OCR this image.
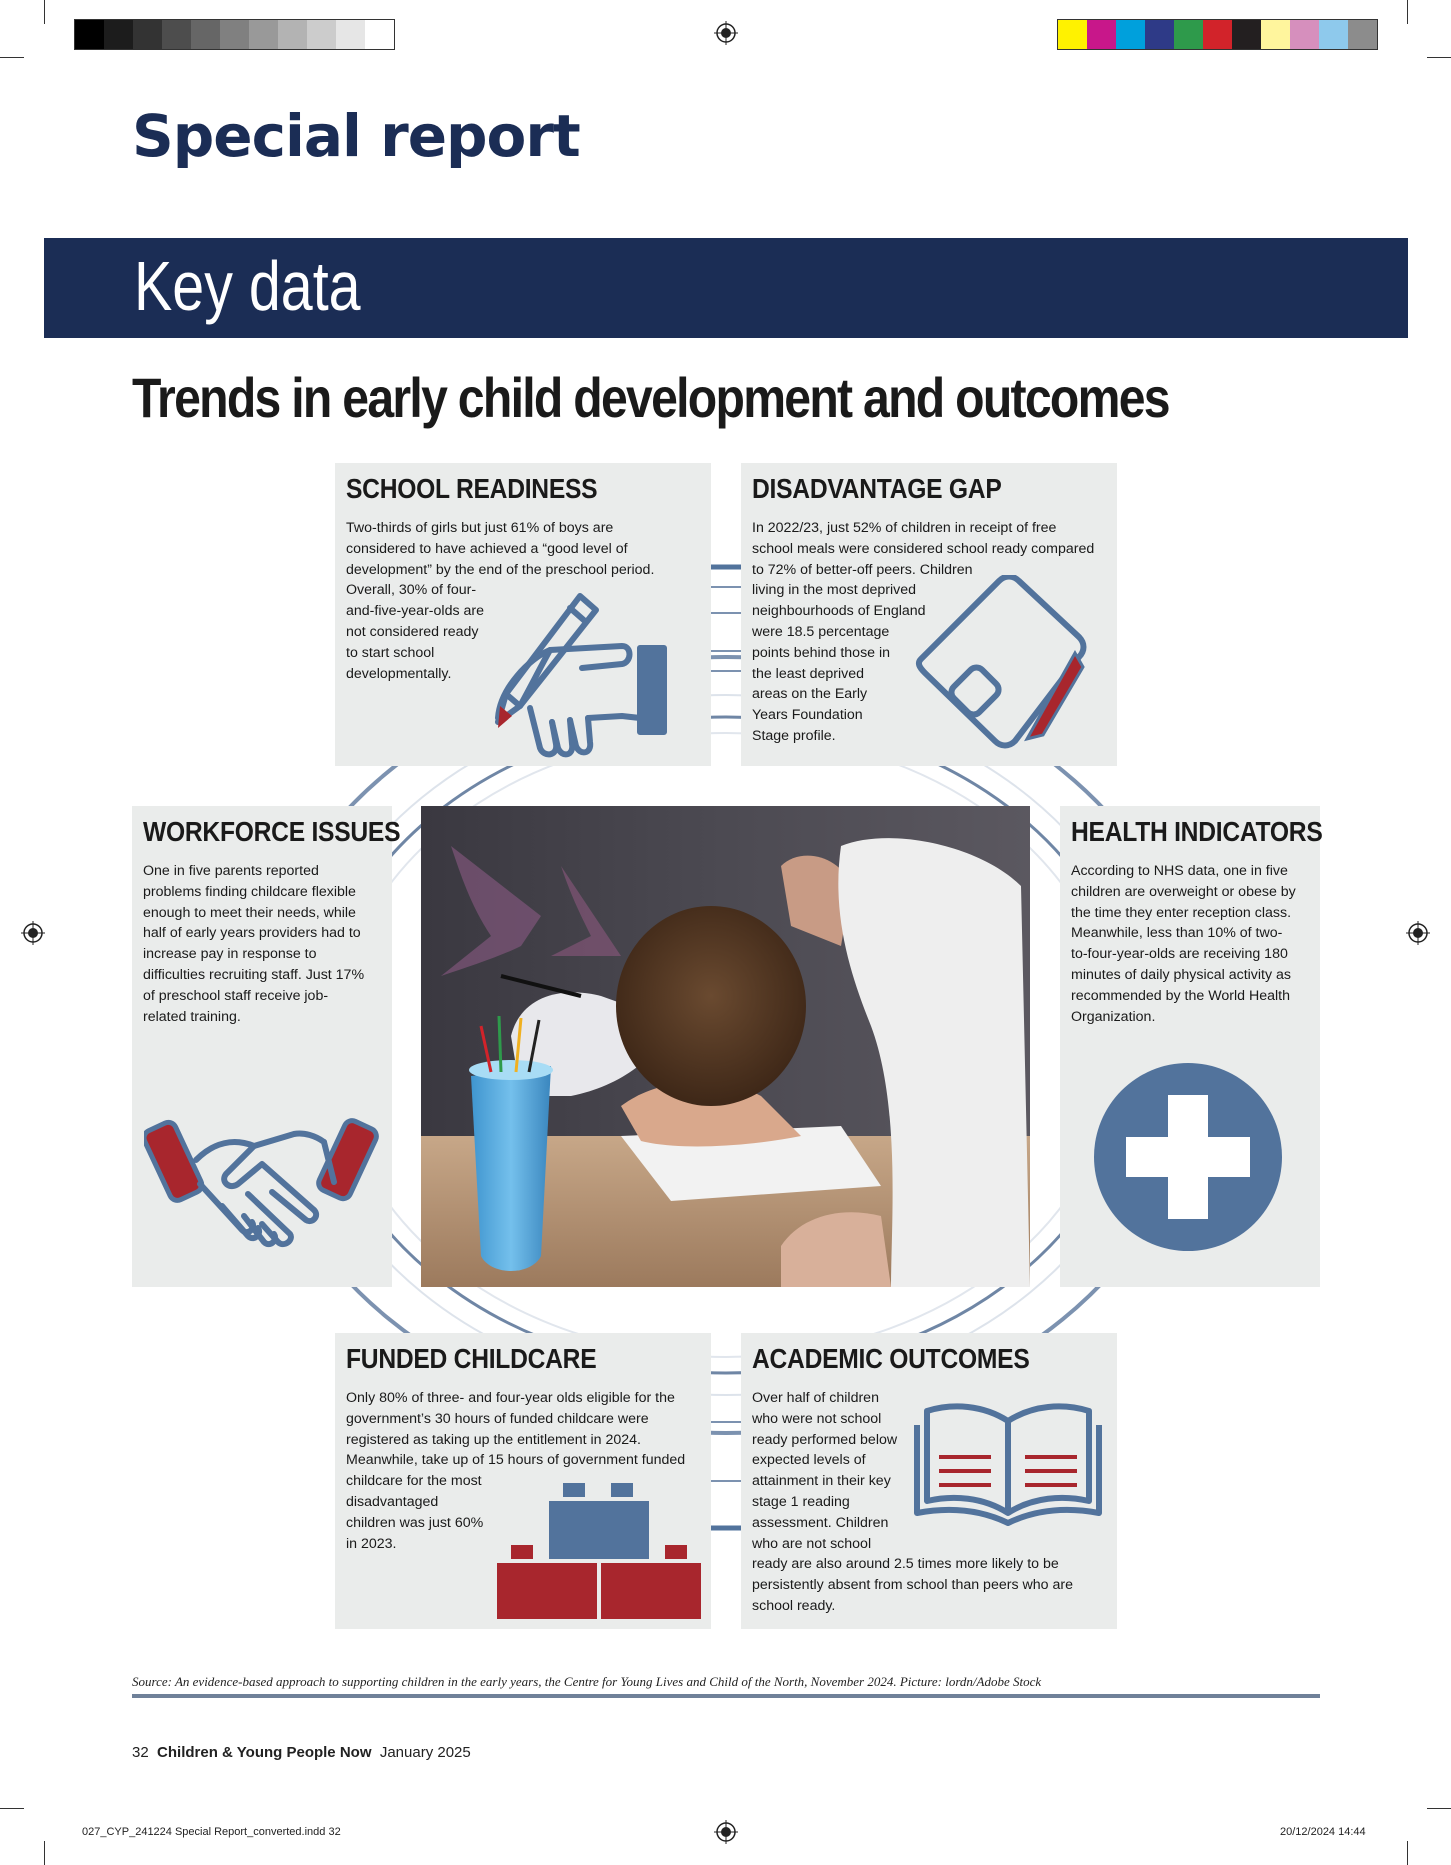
Special report
Key data
Trends in early child development and outcomes
SCHOOL READINESS

Two-thirds of girls but just 61% of boys are
considered to have achieved a “good level of
development” by the end of the preschool period.
Overall, 30% of four-
and-five-year-olds are
not considered ready
to start school
developmentally.

DISADVANTAGE GAP

In 2022/23, just 52% of children in receipt of free
school meals were considered school ready compared
to 72% of better-off peers. Children
living in the most deprived
neighbourhoods of England
were 18.5 percentage
points behind those in
the least deprived
areas on the Early
Years Foundation
Stage profile.

WORKFORCE ISSUES

One in five parents reported
problems finding childcare flexible
enough to meet their needs, while
half of early years providers had to
increase pay in response to
difficulties recruiting staff. Just 17%
of preschool staff receive job-
related training.

HEALTH INDICATORS

According to NHS data, one in five
children are overweight or obese by
the time they enter reception class.
Meanwhile, less than 10% of two-
to-four-year-olds are receiving 180
minutes of daily physical activity as
recommended by the World Health
Organization.

FUNDED CHILDCARE

Only 80% of three- and four-year olds eligible for the
government’s 30 hours of funded childcare were
registered as taking up the entitlement in 2024.
Meanwhile, take up of 15 hours of government funded
childcare for the most
disadvantaged
children was just 60%
in 2023.

ACADEMIC OUTCOMES

Over half of children
who were not school
ready performed below
expected levels of
attainment in their key
stage 1 reading
assessment. Children
who are not school
ready are also around 2.5 times more likely to be
persistently absent from school than peers who are
school ready.

Source: An evidence-based approach to supporting children in the early years, the Centre for Young Lives and Child of the North, November 2024. Picture: lordn/Adobe Stock
32 Children & Young People Now January 2025
027_CYP_241224 Special Report_converted.indd 32	20/12/2024 14:44
